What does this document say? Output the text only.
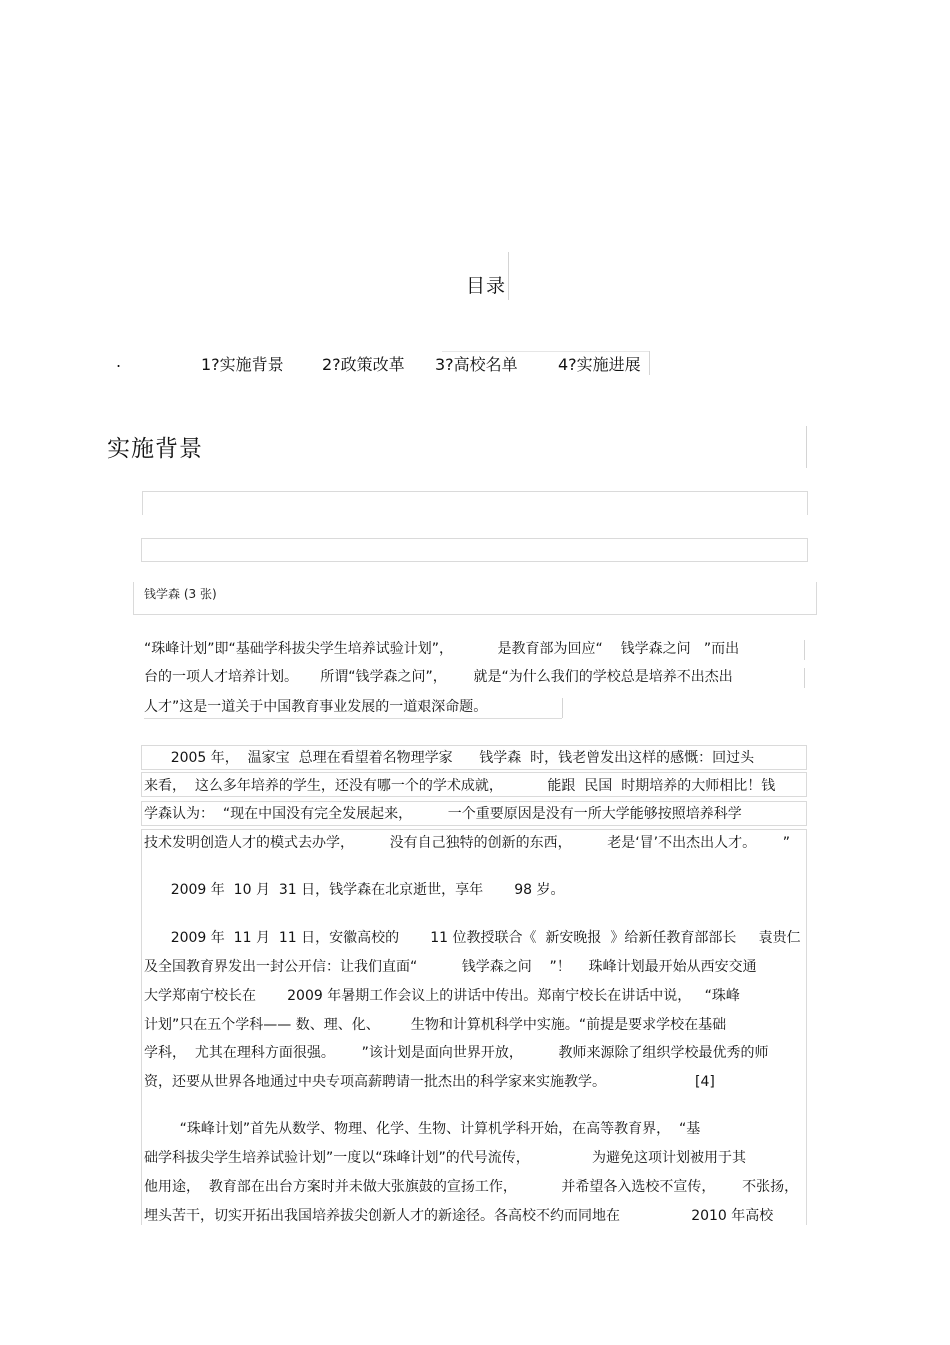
目录
.	1?实施背景 2?政策改革 3?高校名单	4?实施进展
实施背景
钱学森 (3 张)
“珠峰计划”即“基础学科拔尖学生培养试验计划”，          是教育部为回应“    钱学森之问   ”而出
台的一项人才培养计划。     所谓“钱学森之问”，      就是“为什么我们的学校总是培养不出杰出
人才”这是一道关于中国教育事业发展的一道艰深命题。
2005 年，  温家宝  总理在看望着名物理学家      钱学森  时，钱老曾发出这样的感慨：回过头
来看，  这么多年培养的学生，还没有哪一个的学术成就，          能跟  民国  时期培养的大师相比！钱
学森认为：  “现在中国没有完全发展起来，        一个重要原因是没有一所大学能够按照培养科学
技术发明创造人才的模式去办学，        没有自己独特的创新的东西，        老是‘冒’不出杰出人才。      ”
2009 年  10 月  31 日，钱学森在北京逝世，享年       98 岁。
2009 年  11 月  11 日，安徽高校的       11 位教授联合《  新安晚报  》给新任教育部部长     袁贵仁
及全国教育界发出一封公开信：让我们直面“          钱学森之问    ”！    珠峰计划最开始从西安交通
大学郑南宁校长在       2009 年暑期工作会议上的讲话中传出。郑南宁校长在讲话中说，   “珠峰
计划”只在五个学科—— 数、理、化、       生物和计算机科学中实施。“前提是要求学校在基础
学科，  尤其在理科方面很强。      ”该计划是面向世界开放，        教师来源除了组织学校最优秀的师
资，还要从世界各地通过中央专项高薪聘请一批杰出的科学家来实施教学。                    [4]
“珠峰计划”首先从数学、物理、化学、生物、计算机学科开始，在高等教育界，  “基
础学科拔尖学生培养试验计划”一度以“珠峰计划”的代号流传，              为避免这项计划被用于其
他用途，  教育部在出台方案时并未做大张旗鼓的宣扬工作，          并希望各入选校不宣传，      不张扬，
埋头苦干，切实开拓出我国培养拔尖创新人才的新途径。各高校不约而同地在                2010 年高校
